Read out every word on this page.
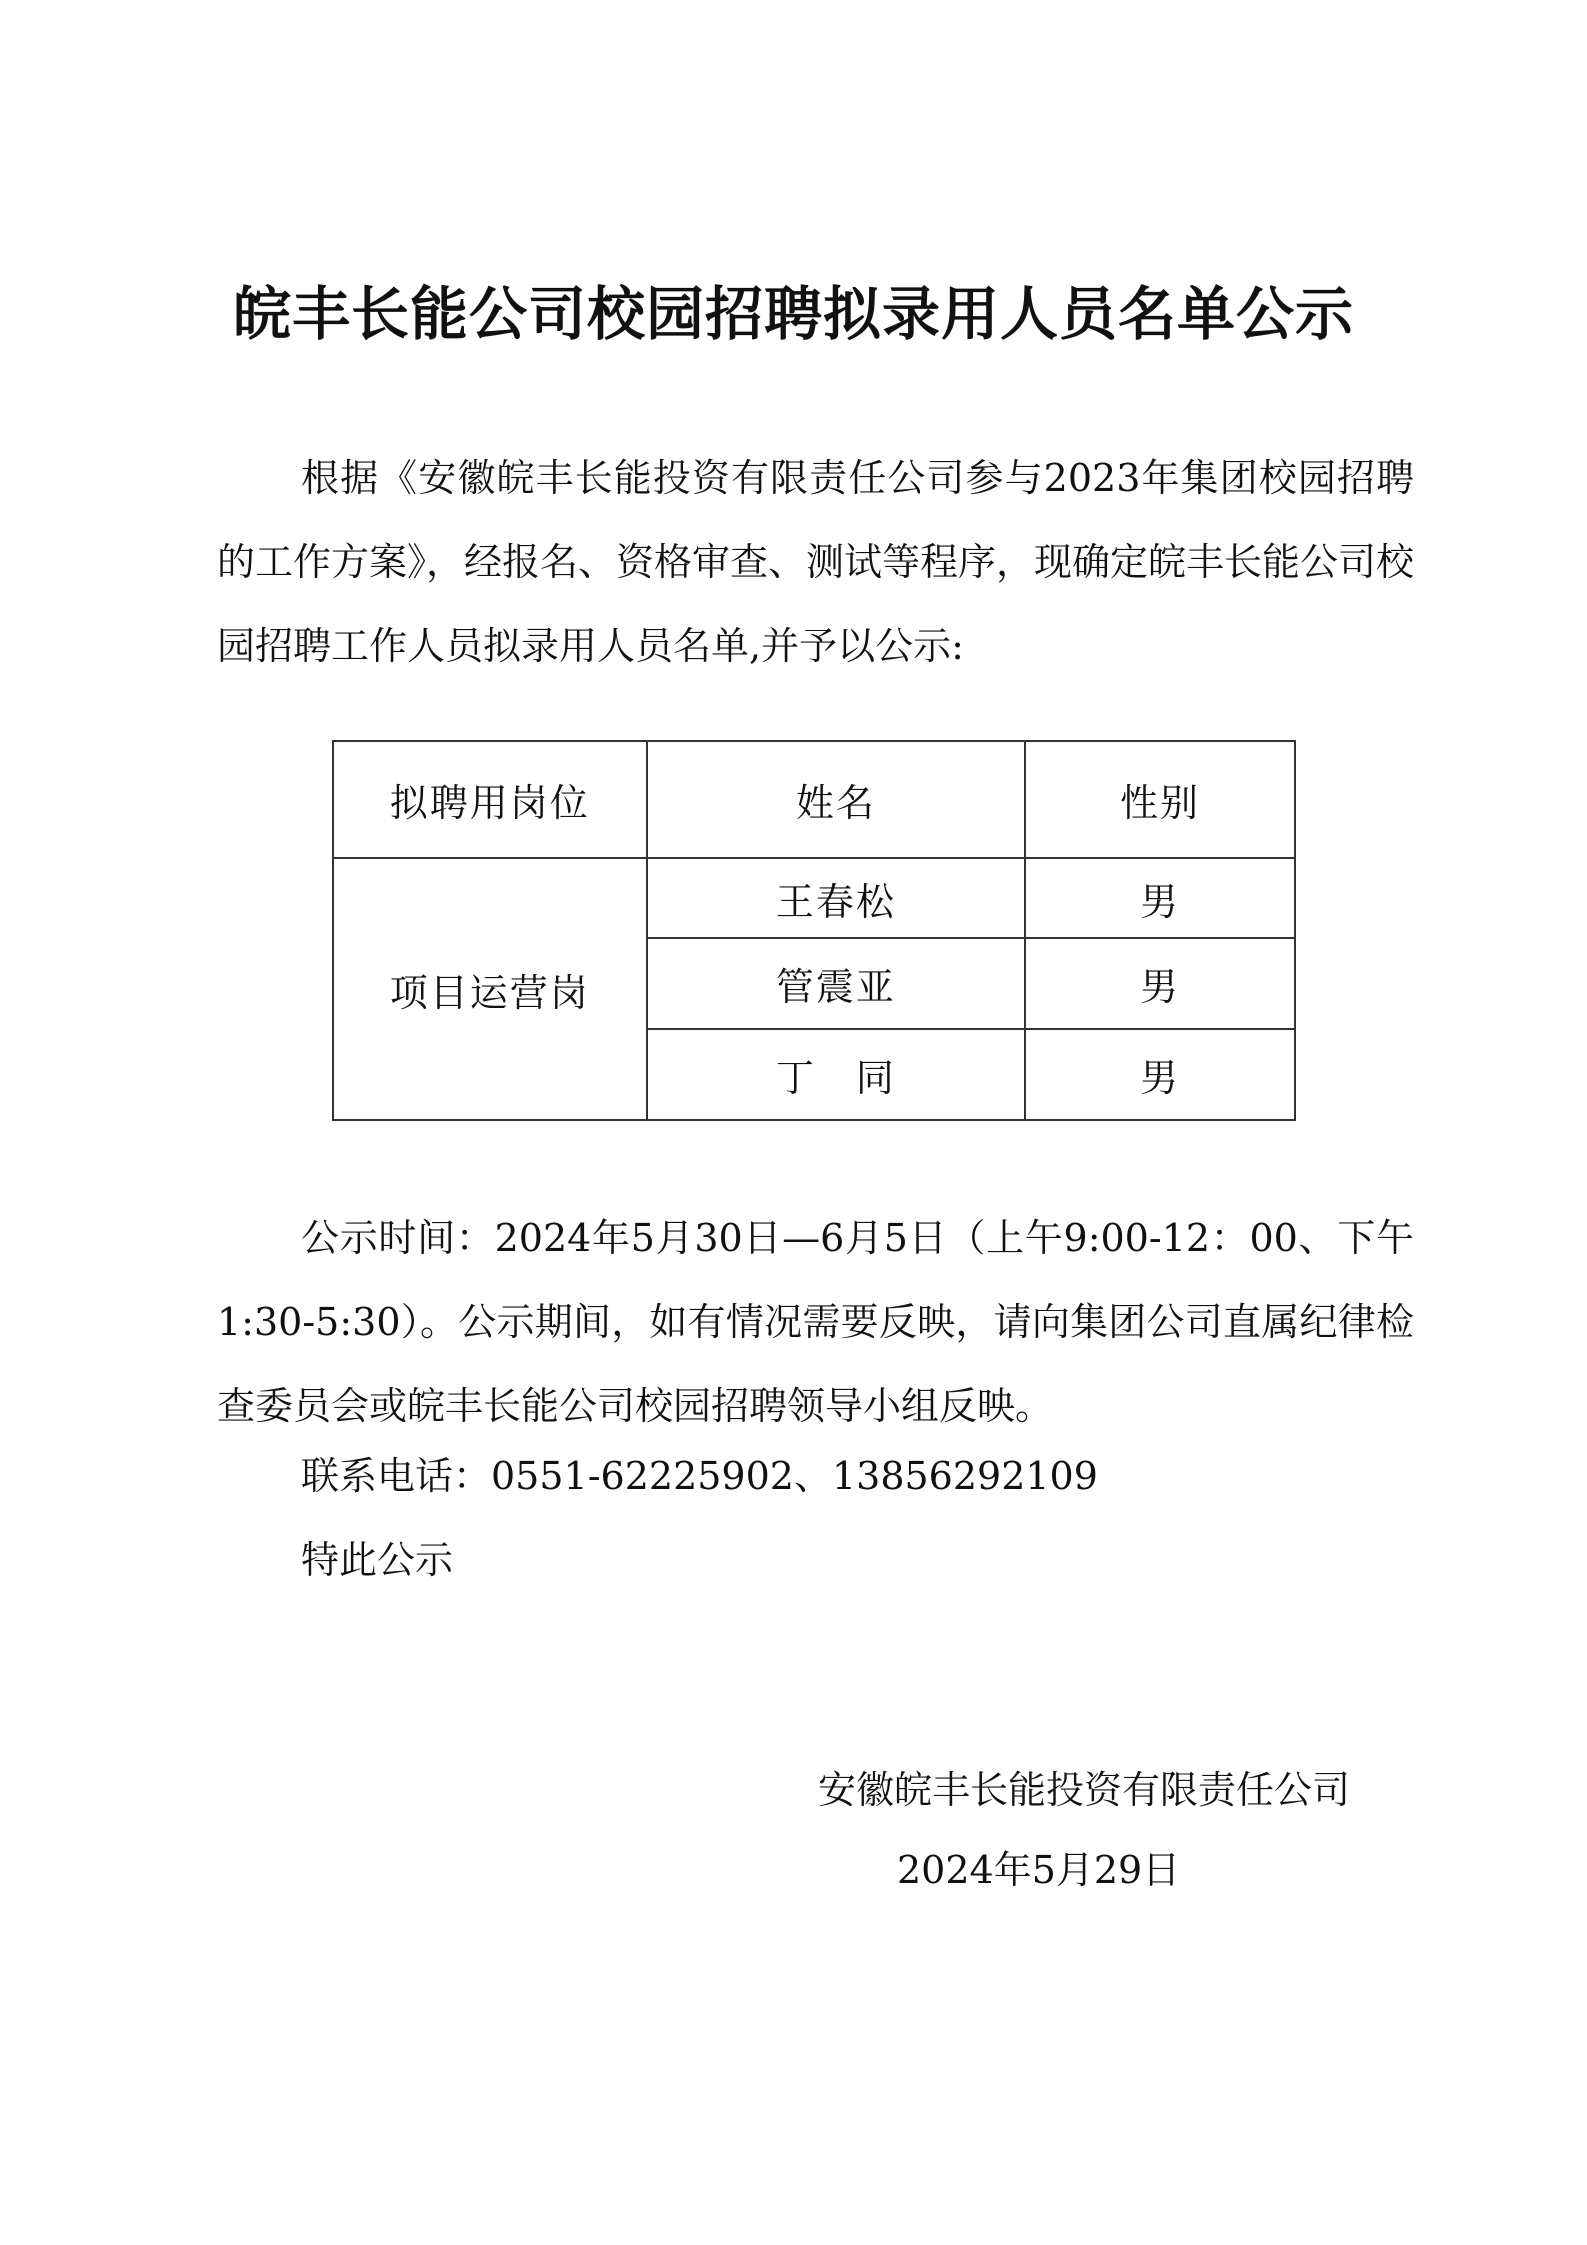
皖丰长能公司校园招聘拟录用人员名单公示
根据《安徽皖丰长能投资有限责任公司参与2023年集团校园招聘的工作方案》，经报名、资格审查、测试等程序，现确定皖丰长能公司校园招聘工作人员拟录用人员名单,并予以公示:
拟聘用岗位	姓名	性别
项目运营岗	王春松	男
	管震亚	男
	丁　同	男
公示时间：2024年5月30日—6月5日（上午9:00-12：00、下午1:30-5:30）。公示期间，如有情况需要反映，请向集团公司直属纪律检查委员会或皖丰长能公司校园招聘领导小组反映。
联系电话：0551-62225902、13856292109
特此公示
安徽皖丰长能投资有限责任公司
2024年5月29日
